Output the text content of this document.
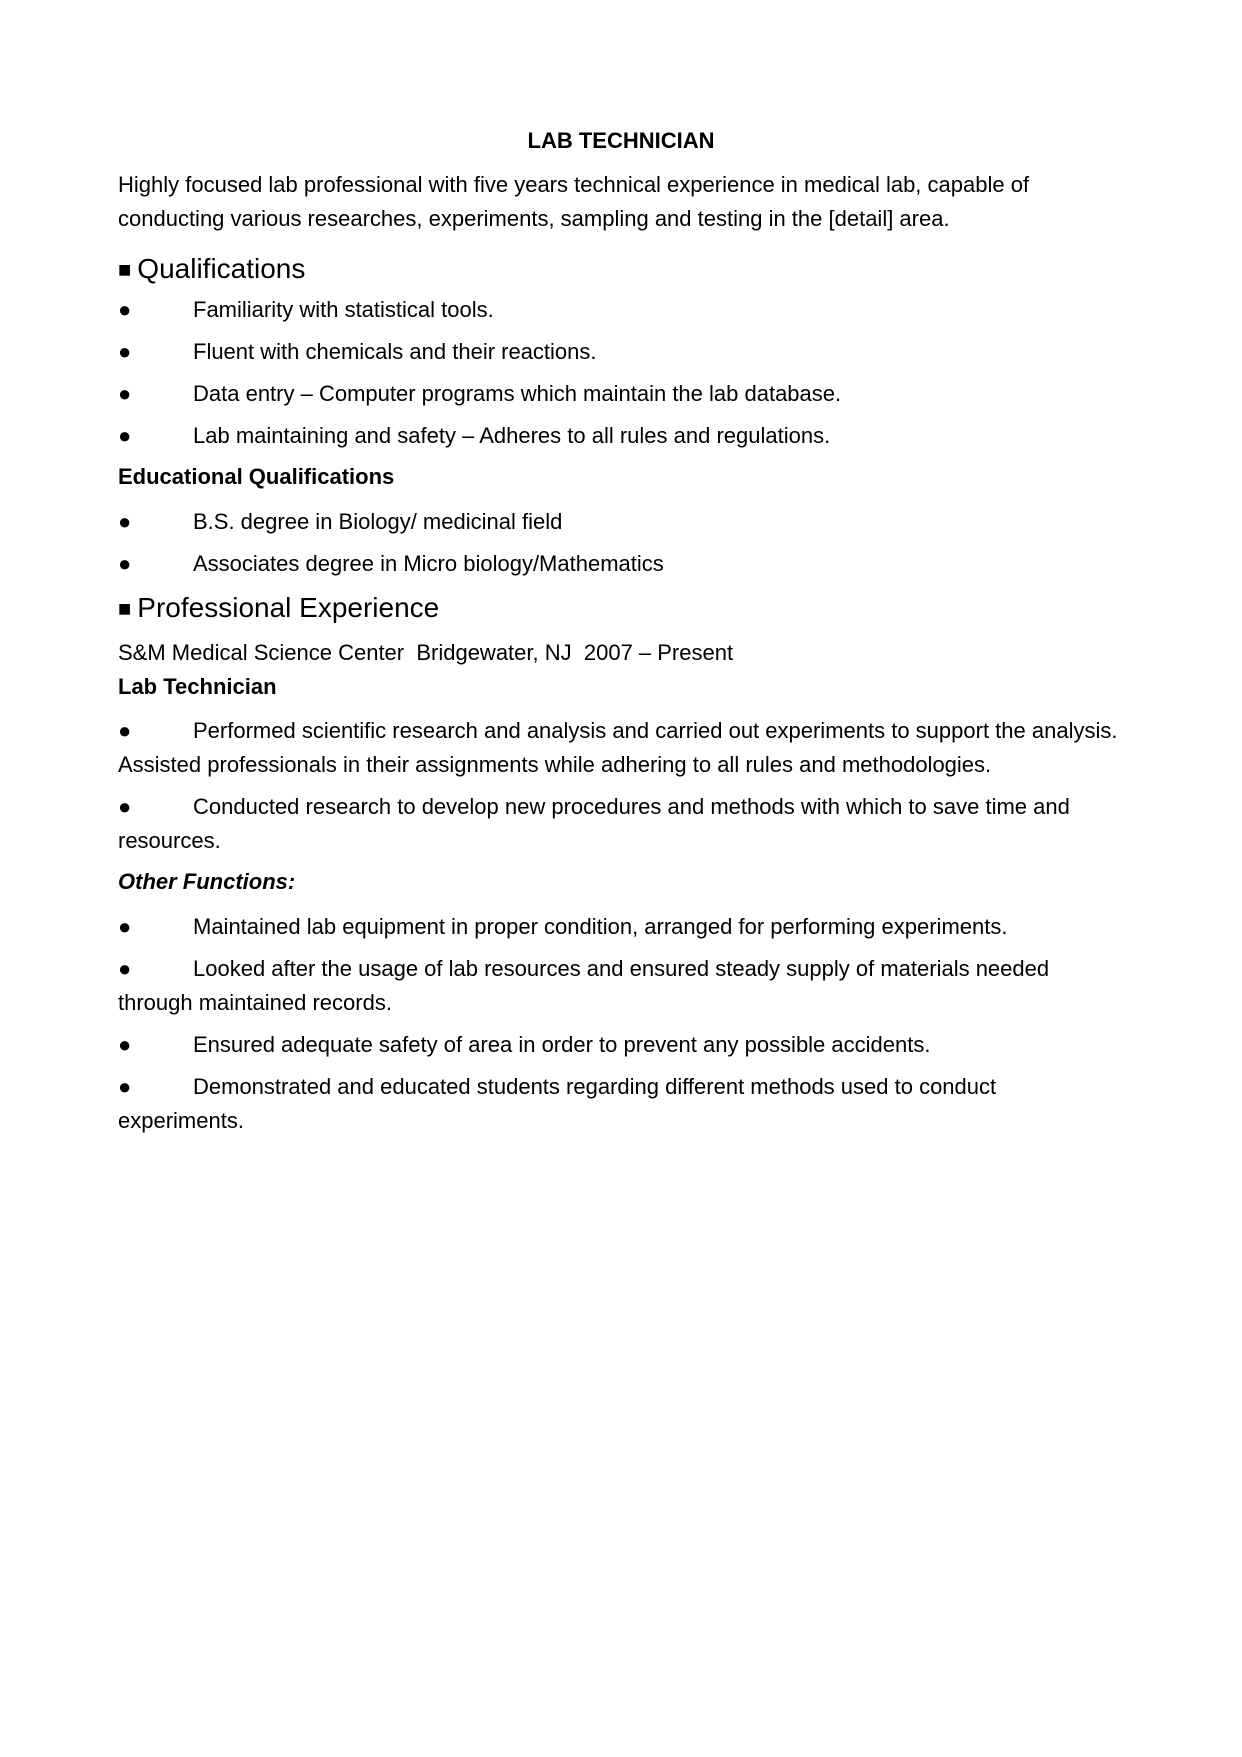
LAB TECHNICIAN

Highly focused lab professional with five years technical experience in medical lab, capable of conducting various researches, experiments, sampling and testing in the [detail] area.

■ Qualifications
●	Familiarity with statistical tools.
●	Fluent with chemicals and their reactions.
●	Data entry – Computer programs which maintain the lab database.
●	Lab maintaining and safety – Adheres to all rules and regulations.
Educational Qualifications
●	B.S. degree in Biology/ medicinal field
●	Associates degree in Micro biology/Mathematics
■ Professional Experience
S&M Medical Science Center  Bridgewater, NJ  2007 – Present
Lab Technician
●	Performed scientific research and analysis and carried out experiments to support the analysis. Assisted professionals in their assignments while adhering to all rules and methodologies.
●	Conducted research to develop new procedures and methods with which to save time and resources.
Other Functions:
●	Maintained lab equipment in proper condition, arranged for performing experiments.
●	Looked after the usage of lab resources and ensured steady supply of materials needed through maintained records.
●	Ensured adequate safety of area in order to prevent any possible accidents.
●	Demonstrated and educated students regarding different methods used to conduct experiments.
